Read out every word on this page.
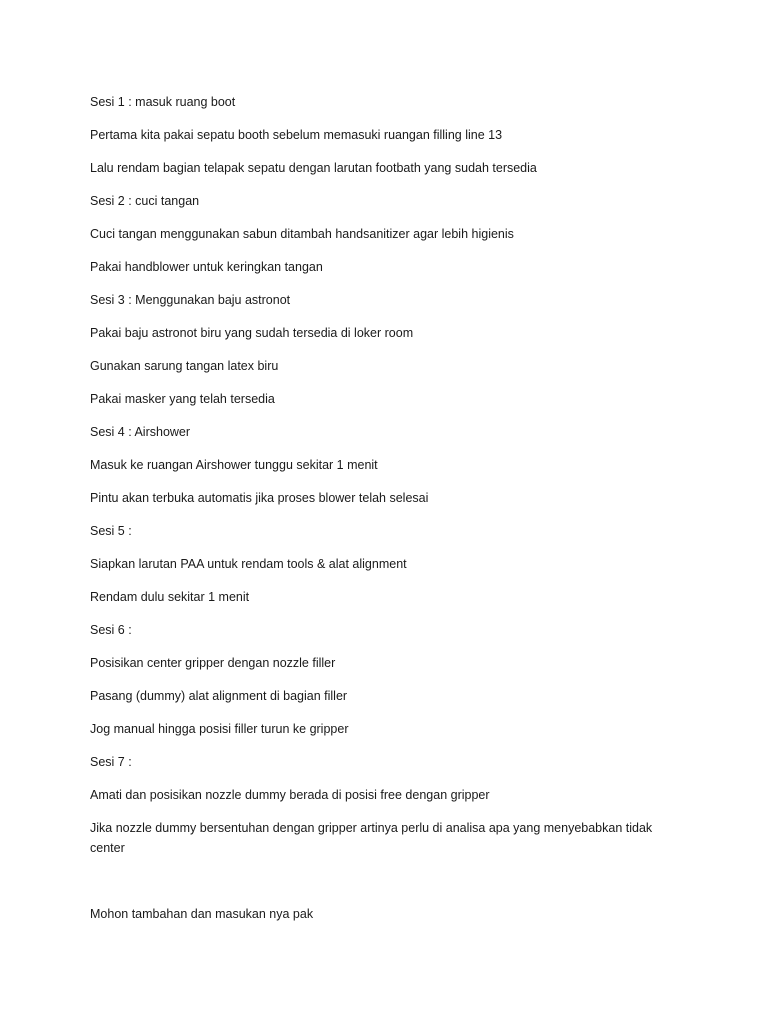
Sesi 1 : masuk ruang boot

Pertama kita pakai sepatu booth sebelum memasuki ruangan filling line 13

Lalu rendam bagian telapak sepatu dengan larutan footbath yang sudah tersedia

Sesi 2 : cuci tangan

Cuci tangan menggunakan sabun ditambah handsanitizer agar lebih higienis

Pakai handblower untuk keringkan tangan

Sesi 3 : Menggunakan baju astronot

Pakai baju astronot biru yang sudah tersedia di loker room

Gunakan sarung tangan latex biru

Pakai masker yang telah tersedia

Sesi 4 : Airshower

Masuk ke ruangan Airshower tunggu sekitar 1 menit

Pintu akan terbuka automatis jika proses blower telah selesai

Sesi 5 :

Siapkan larutan PAA untuk rendam tools & alat alignment

Rendam dulu sekitar 1 menit

Sesi 6 :

Posisikan center gripper dengan nozzle filler

Pasang (dummy) alat alignment di bagian filler

Jog manual hingga posisi filler turun ke gripper

Sesi 7 :

Amati dan posisikan nozzle dummy berada di posisi free dengan gripper

Jika nozzle dummy bersentuhan dengan gripper artinya perlu di analisa apa yang menyebabkan tidak center

Mohon tambahan dan masukan nya pak
